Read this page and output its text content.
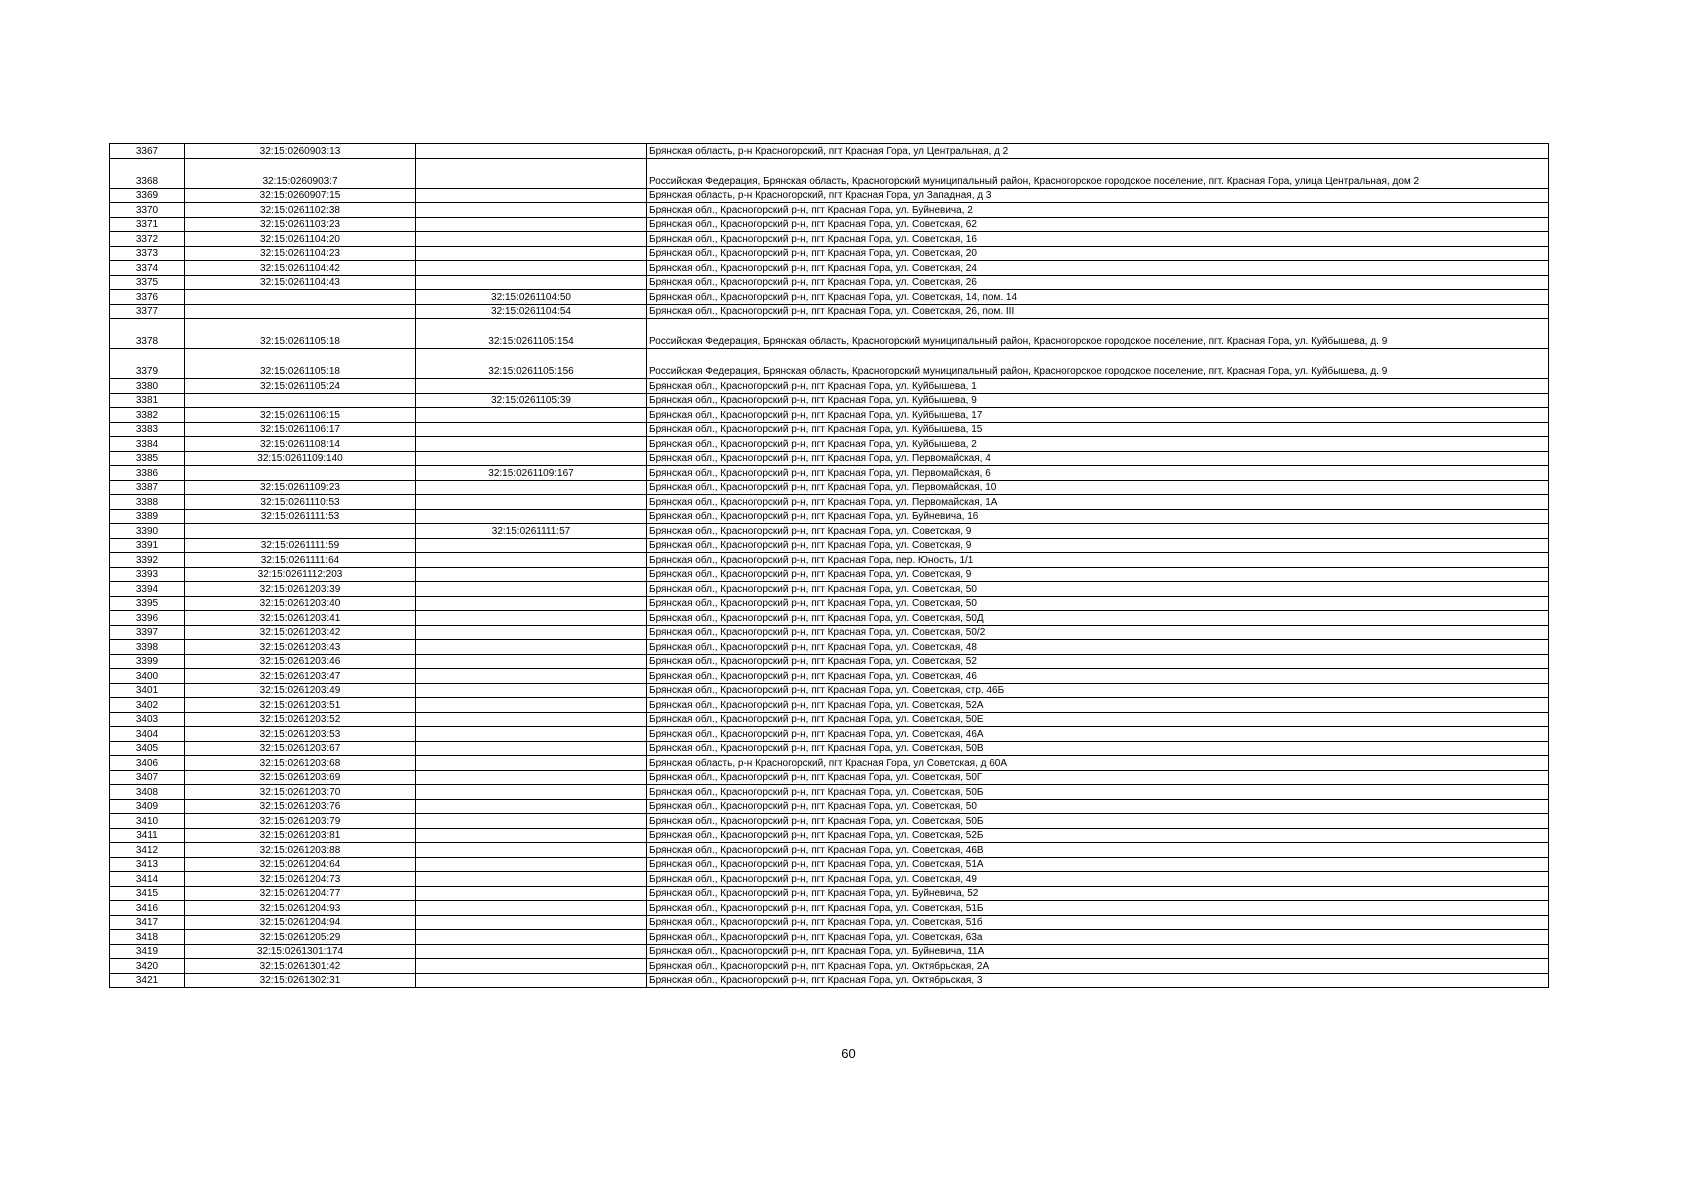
3367	32:15:0260903:13		Брянская область, р-н Красногорский, пгт Красная Гора, ул Центральная, д 2
3368	32:15:0260903:7		Российская Федерация, Брянская область, Красногорский муниципальный район, Красногорское городское поселение, пгт. Красная Гора, улица Центральная, дом 2
3369	32:15:0260907:15		Брянская область, р-н Красногорский, пгт Красная Гора, ул Западная, д 3
3370	32:15:0261102:38		Брянская обл., Красногорский р-н, пгт Красная Гора, ул. Буйневича, 2
3371	32:15:0261103:23		Брянская обл., Красногорский р-н, пгт Красная Гора, ул. Советская, 62
3372	32:15:0261104:20		Брянская обл., Красногорский р-н, пгт Красная Гора, ул. Советская, 16
3373	32:15:0261104:23		Брянская обл., Красногорский р-н, пгт Красная Гора, ул. Советская, 20
3374	32:15:0261104:42		Брянская обл., Красногорский р-н, пгт Красная Гора, ул. Советская, 24
3375	32:15:0261104:43		Брянская обл., Красногорский р-н, пгт Красная Гора, ул. Советская, 26
3376		32:15:0261104:50	Брянская обл., Красногорский р-н, пгт Красная Гора, ул. Советская, 14, пом. 14
3377		32:15:0261104:54	Брянская обл., Красногорский р-н, пгт Красная Гора, ул. Советская, 26, пом. III
3378	32:15:0261105:18	32:15:0261105:154	Российская Федерация, Брянская область, Красногорский муниципальный район, Красногорское городское поселение, пгт. Красная Гора, ул. Куйбышева, д. 9
3379	32:15:0261105:18	32:15:0261105:156	Российская Федерация, Брянская область, Красногорский муниципальный район, Красногорское городское поселение, пгт. Красная Гора, ул. Куйбышева, д. 9
3380	32:15:0261105:24		Брянская обл., Красногорский р-н, пгт Красная Гора, ул. Куйбышева, 1
3381		32:15:0261105:39	Брянская обл., Красногорский р-н, пгт Красная Гора, ул. Куйбышева, 9
3382	32:15:0261106:15		Брянская обл., Красногорский р-н, пгт Красная Гора, ул. Куйбышева, 17
3383	32:15:0261106:17		Брянская обл., Красногорский р-н, пгт Красная Гора, ул. Куйбышева, 15
3384	32:15:0261108:14		Брянская обл., Красногорский р-н, пгт Красная Гора, ул. Куйбышева, 2
3385	32:15:0261109:140		Брянская обл., Красногорский р-н, пгт Красная Гора, ул. Первомайская, 4
3386		32:15:0261109:167	Брянская обл., Красногорский р-н, пгт Красная Гора, ул. Первомайская, 6
3387	32:15:0261109:23		Брянская обл., Красногорский р-н, пгт Красная Гора, ул. Первомайская, 10
3388	32:15:0261110:53		Брянская обл., Красногорский р-н, пгт Красная Гора, ул. Первомайская, 1А
3389	32:15:0261111:53		Брянская обл., Красногорский р-н, пгт Красная Гора, ул. Буйневича, 16
3390		32:15:0261111:57	Брянская обл., Красногорский р-н, пгт Красная Гора, ул. Советская, 9
3391	32:15:0261111:59		Брянская обл., Красногорский р-н, пгт Красная Гора, ул. Советская, 9
3392	32:15:0261111:64		Брянская обл., Красногорский р-н, пгт Красная Гора, пер. Юность, 1/1
3393	32:15:0261112:203		Брянская обл., Красногорский р-н, пгт Красная Гора, ул. Советская, 9
3394	32:15:0261203:39		Брянская обл., Красногорский р-н, пгт Красная Гора, ул. Советская, 50
3395	32:15:0261203:40		Брянская обл., Красногорский р-н, пгт Красная Гора, ул. Советская, 50
3396	32:15:0261203:41		Брянская обл., Красногорский р-н, пгт Красная Гора, ул. Советская, 50Д
3397	32:15:0261203:42		Брянская обл., Красногорский р-н, пгт Красная Гора, ул. Советская, 50/2
3398	32:15:0261203:43		Брянская обл., Красногорский р-н, пгт Красная Гора, ул. Советская, 48
3399	32:15:0261203:46		Брянская обл., Красногорский р-н, пгт Красная Гора, ул. Советская, 52
3400	32:15:0261203:47		Брянская обл., Красногорский р-н, пгт Красная Гора, ул. Советская, 46
3401	32:15:0261203:49		Брянская обл., Красногорский р-н, пгт Красная Гора, ул. Советская, стр. 46Б
3402	32:15:0261203:51		Брянская обл., Красногорский р-н, пгт Красная Гора, ул. Советская, 52А
3403	32:15:0261203:52		Брянская обл., Красногорский р-н, пгт Красная Гора, ул. Советская, 50Е
3404	32:15:0261203:53		Брянская обл., Красногорский р-н, пгт Красная Гора, ул. Советская, 46А
3405	32:15:0261203:67		Брянская обл., Красногорский р-н, пгт Красная Гора, ул. Советская, 50В
3406	32:15:0261203:68		Брянская область, р-н Красногорский, пгт Красная Гора, ул Советская, д 60А
3407	32:15:0261203:69		Брянская обл., Красногорский р-н, пгт Красная Гора, ул. Советская, 50Г
3408	32:15:0261203:70		Брянская обл., Красногорский р-н, пгт Красная Гора, ул. Советская, 50Б
3409	32:15:0261203:76		Брянская обл., Красногорский р-н, пгт Красная Гора, ул. Советская, 50
3410	32:15:0261203:79		Брянская обл., Красногорский р-н, пгт Красная Гора, ул. Советская, 50Б
3411	32:15:0261203:81		Брянская обл., Красногорский р-н, пгт Красная Гора, ул. Советская, 52Б
3412	32:15:0261203:88		Брянская обл., Красногорский р-н, пгт Красная Гора, ул. Советская, 46В
3413	32:15:0261204:64		Брянская обл., Красногорский р-н, пгт Красная Гора, ул. Советская, 51А
3414	32:15:0261204:73		Брянская обл., Красногорский р-н, пгт Красная Гора, ул. Советская, 49
3415	32:15:0261204:77		Брянская обл., Красногорский р-н, пгт Красная Гора, ул. Буйневича, 52
3416	32:15:0261204:93		Брянская обл., Красногорский р-н, пгт Красная Гора, ул. Советская, 51Б
3417	32:15:0261204:94		Брянская обл., Красногорский р-н, пгт Красная Гора, ул. Советская, 51б
3418	32:15:0261205:29		Брянская обл., Красногорский р-н, пгт Красная Гора, ул. Советская, 63а
3419	32:15:0261301:174		Брянская обл., Красногорский р-н, пгт Красная Гора, ул. Буйневича, 11А
3420	32:15:0261301:42		Брянская обл., Красногорский р-н, пгт Красная Гора, ул. Октябрьская, 2А
3421	32:15:0261302:31		Брянская обл., Красногорский р-н, пгт Красная Гора, ул. Октябрьская, 3
60
